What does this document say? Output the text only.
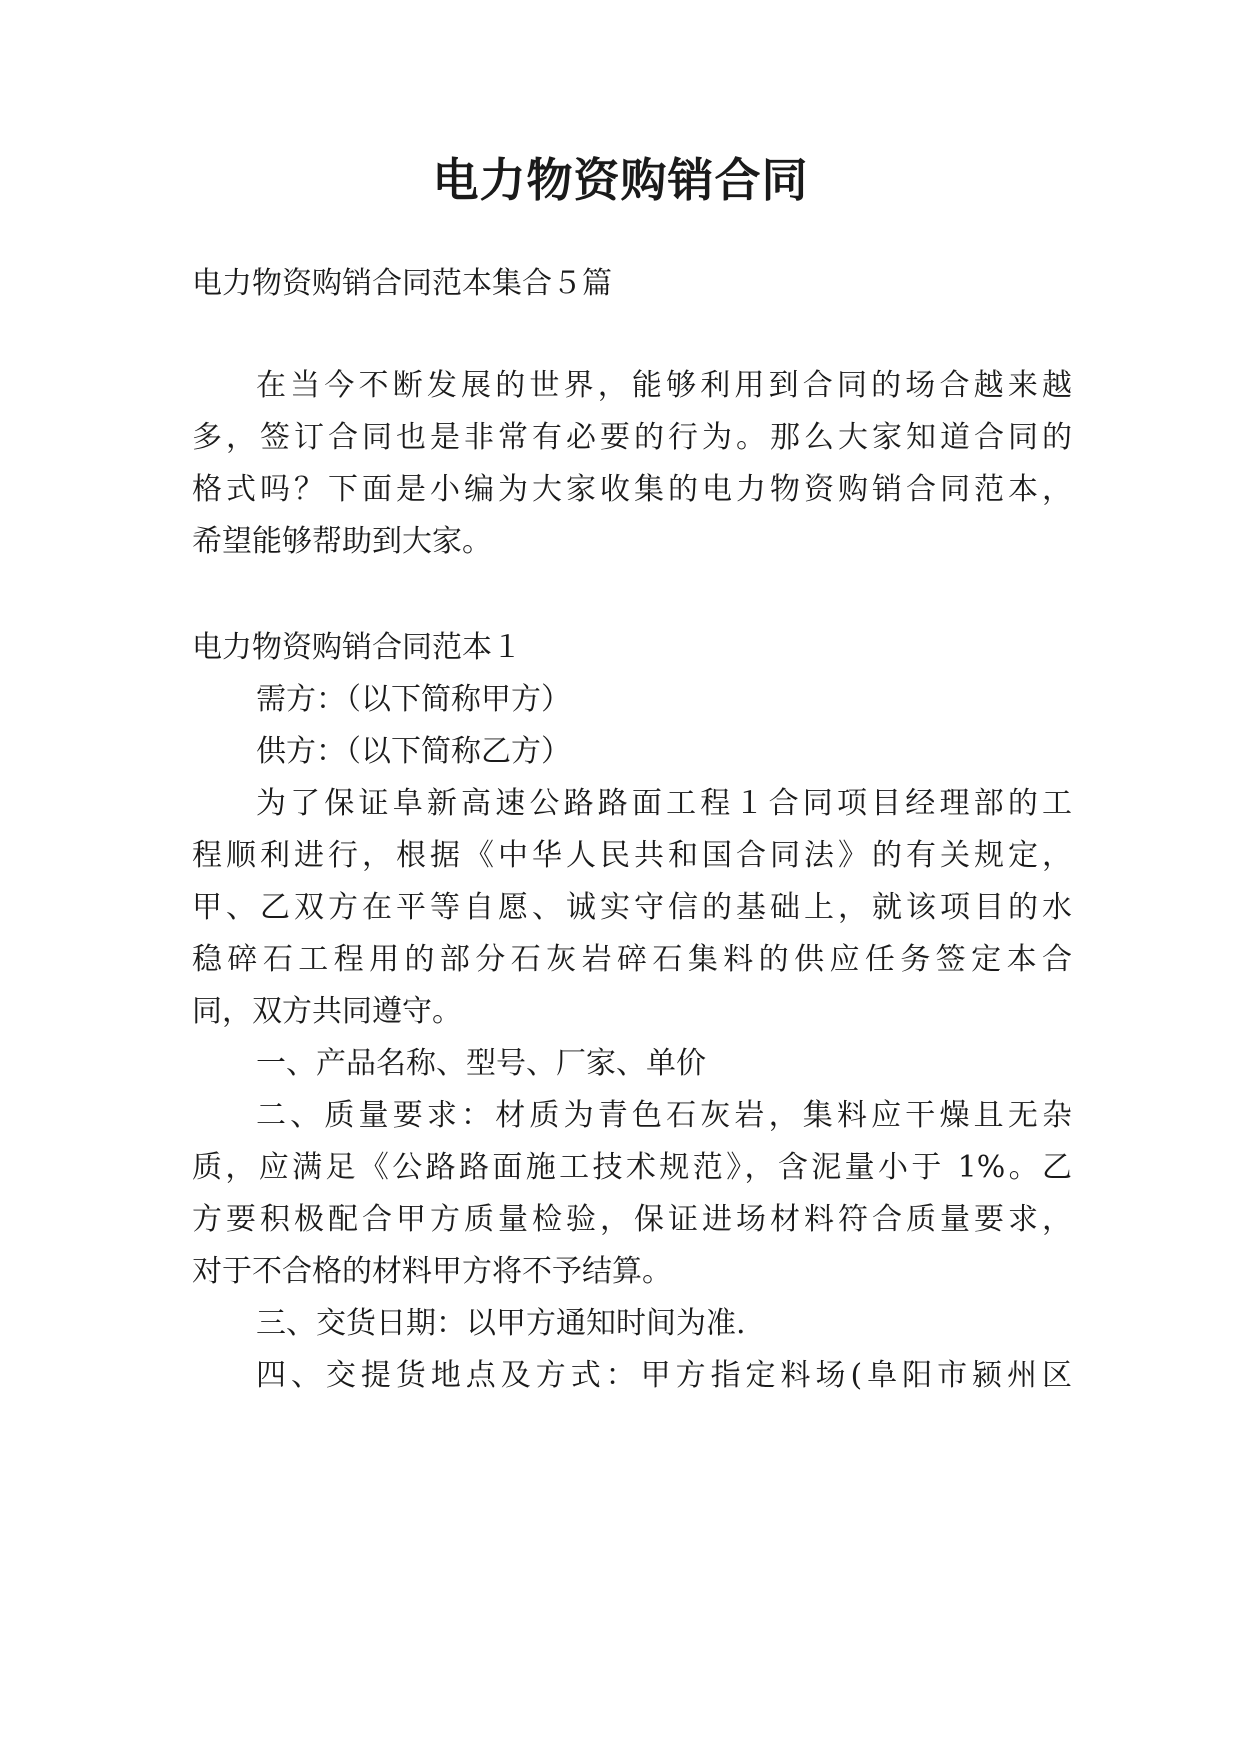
电力物资购销合同

电力物资购销合同范本集合５篇

在当今不断发展的世界，能够利用到合同的场合越来越

多，签订合同也是非常有必要的行为。那么大家知道合同的

格式吗？下面是小编为大家收集的电力物资购销合同范本，

希望能够帮助到大家。

电力物资购销合同范本１

需方：（以下简称甲方）

供方：（以下简称乙方）

为了保证阜新高速公路路面工程１合同项目经理部的工

程顺利进行，根据《中华人民共和国合同法》的有关规定，

甲、乙双方在平等自愿、诚实守信的基础上，就该项目的水

稳碎石工程用的部分石灰岩碎石集料的供应任务签定本合

同，双方共同遵守。

一、产品名称、型号、厂家、单价

二、质量要求：材质为青色石灰岩，集料应干燥且无杂

质，应满足《公路路面施工技术规范》，含泥量小于 1%。乙

方要积极配合甲方质量检验，保证进场材料符合质量要求，

对于不合格的材料甲方将不予结算。

三、交货日期：以甲方通知时间为准.

四、交提货地点及方式：甲方指定料场(阜阳市颍州区
